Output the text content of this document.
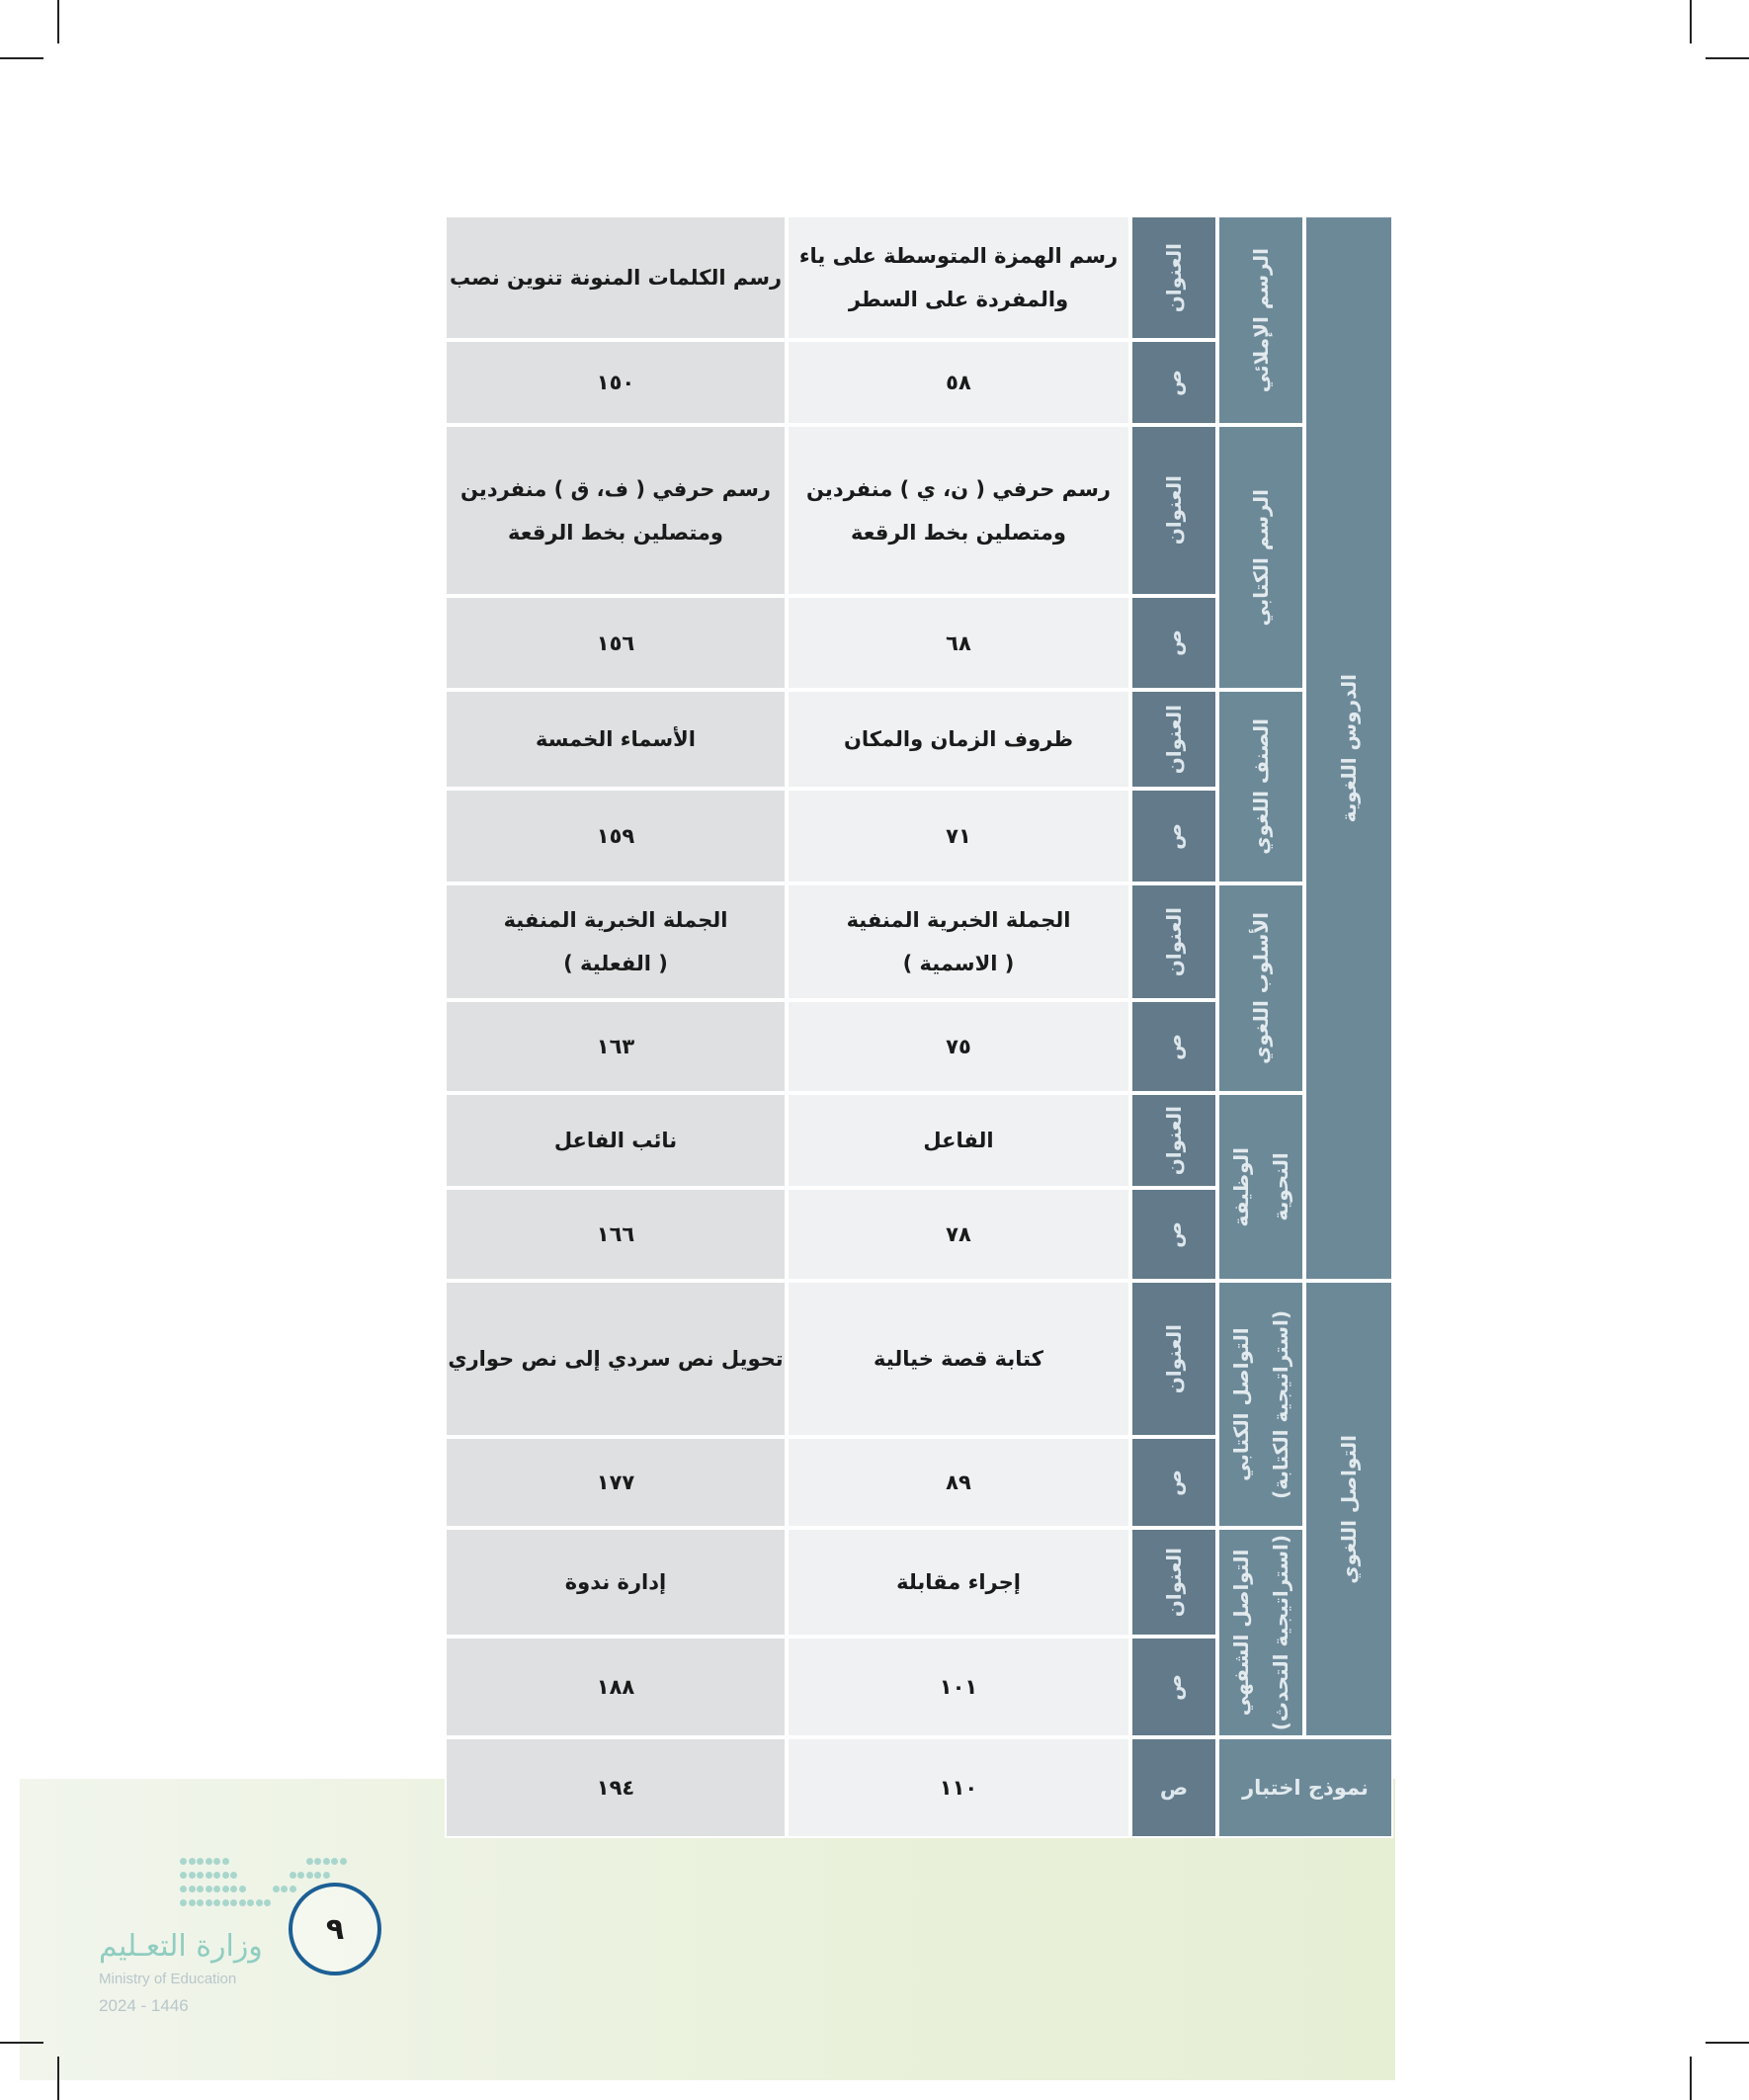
الدروس اللغوية
التواصل اللغوي
نموذج اختبار
الرسم الإملائي
الرسم الكتابي
الصنف اللغوي
الأسلوب اللغوي
الوظيفة
النحوية
التواصل الكتابي
(استراتيجية الكتابة)
التواصل الشفهي
(استراتيجية التحدث)
العنوان
ص
العنوان
ص
العنوان
ص
العنوان
ص
العنوان
ص
العنوان
ص
العنوان
ص
ص
رسم الهمزة المتوسطة على ياء
والمفردة على السطر
٥٨
رسم حرفي ( ن، ي ) منفردين
ومتصلين بخط الرقعة
٦٨
ظروف الزمان والمكان
٧١
الجملة الخبرية المنفية
( الاسمية )
٧٥
الفاعل
٧٨
كتابة قصة خيالية
٨٩
إجراء مقابلة
١٠١
١١٠
رسم الكلمات المنونة تنوين نصب
١٥٠
رسم حرفي ( ف، ق ) منفردين
ومتصلين بخط الرقعة
١٥٦
الأسماء الخمسة
١٥٩
الجملة الخبرية المنفية
( الفعلية )
١٦٣
نائب الفاعل
١٦٦
تحويل نص سردي إلى نص حواري
١٧٧
إدارة ندوة
١٨٨
١٩٤
٩
وزارة التعـليم
Ministry of Education
2024 - 1446
